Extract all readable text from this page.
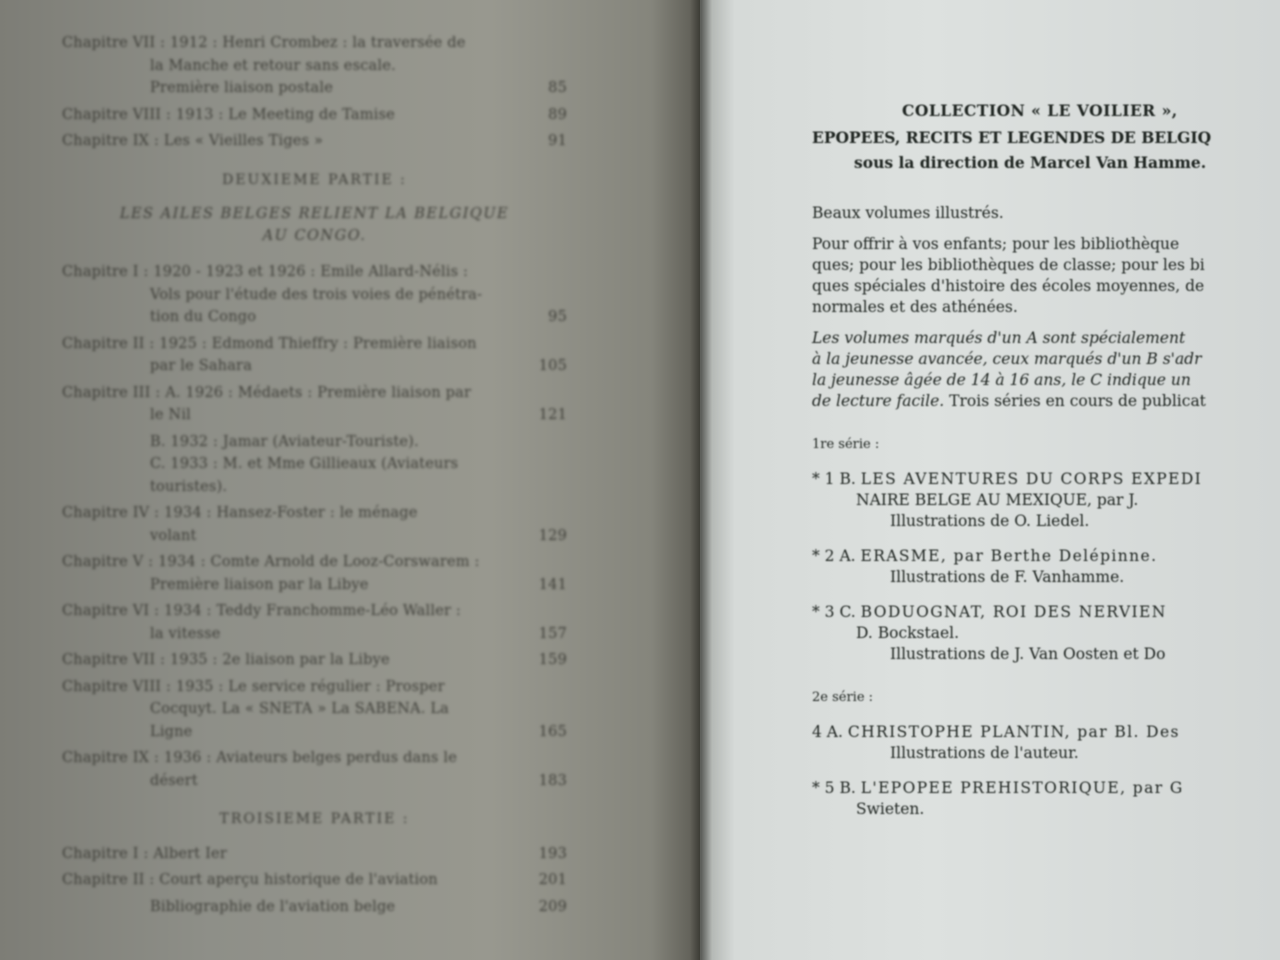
Chapitre VII : 1912 : Henri Crombez : la traversée de
la Manche et retour sans escale.
Première liaison postale	85
Chapitre VIII : 1913 : Le Meeting de Tamise	89
Chapitre IX : Les « Vieilles Tiges »	91
DEUXIEME PARTIE :
LES AILES BELGES RELIENT LA BELGIQUE
AU CONGO.
Chapitre I : 1920 - 1923 et 1926 : Emile Allard-Nélis :
Vols pour l'étude des trois voies de pénétra-
tion du Congo	95
Chapitre II : 1925 : Edmond Thieffry : Première liaison
par le Sahara	105
Chapitre III : A. 1926 : Médaets : Première liaison par
le Nil	121
B. 1932 : Jamar (Aviateur-Touriste).
C. 1933 : M. et Mme Gillieaux (Aviateurs
touristes).
Chapitre IV : 1934 : Hansez-Foster : le ménage
volant	129
Chapitre V : 1934 : Comte Arnold de Looz-Corswarem :
Première liaison par la Libye	141
Chapitre VI : 1934 : Teddy Franchomme-Léo Waller :
la vitesse	157
Chapitre VII : 1935 : 2e liaison par la Libye	159
Chapitre VIII : 1935 : Le service régulier : Prosper
Cocquyt. La « SNETA » La SABENA. La
Ligne	165
Chapitre IX : 1936 : Aviateurs belges perdus dans le
désert	183
TROISIEME PARTIE :
Chapitre I : Albert Ier	193
Chapitre II : Court aperçu historique de l'aviation	201
Bibliographie de l'aviation belge	209
COLLECTION « LE VOILIER »,
EPOPEES, RECITS ET LEGENDES DE BELGIQ
sous la direction de Marcel Van Hamme.
Beaux volumes illustrés.
Pour offrir à vos enfants; pour les bibliothèque
ques; pour les bibliothèques de classe; pour les bi
ques spéciales d'histoire des écoles moyennes, de
normales et des athénées.
Les volumes marqués d'un A sont spécialement
à la jeunesse avancée, ceux marqués d'un B s'adr
la jeunesse âgée de 14 à 16 ans, le C indique un
de lecture facile. Trois séries en cours de publicat
1re série :
* 1 B. LES AVENTURES DU CORPS EXPEDI
NAIRE BELGE AU MEXIQUE, par J.
Illustrations de O. Liedel.
* 2 A. ERASME, par Berthe Delépinne.
Illustrations de F. Vanhamme.
* 3 C. BODUOGNAT, ROI DES NERVIEN
D. Bockstael.
Illustrations de J. Van Oosten et Do
2e série :
4 A. CHRISTOPHE PLANTIN, par Bl. Des
Illustrations de l'auteur.
* 5 B. L'EPOPEE PREHISTORIQUE, par G
Swieten.
